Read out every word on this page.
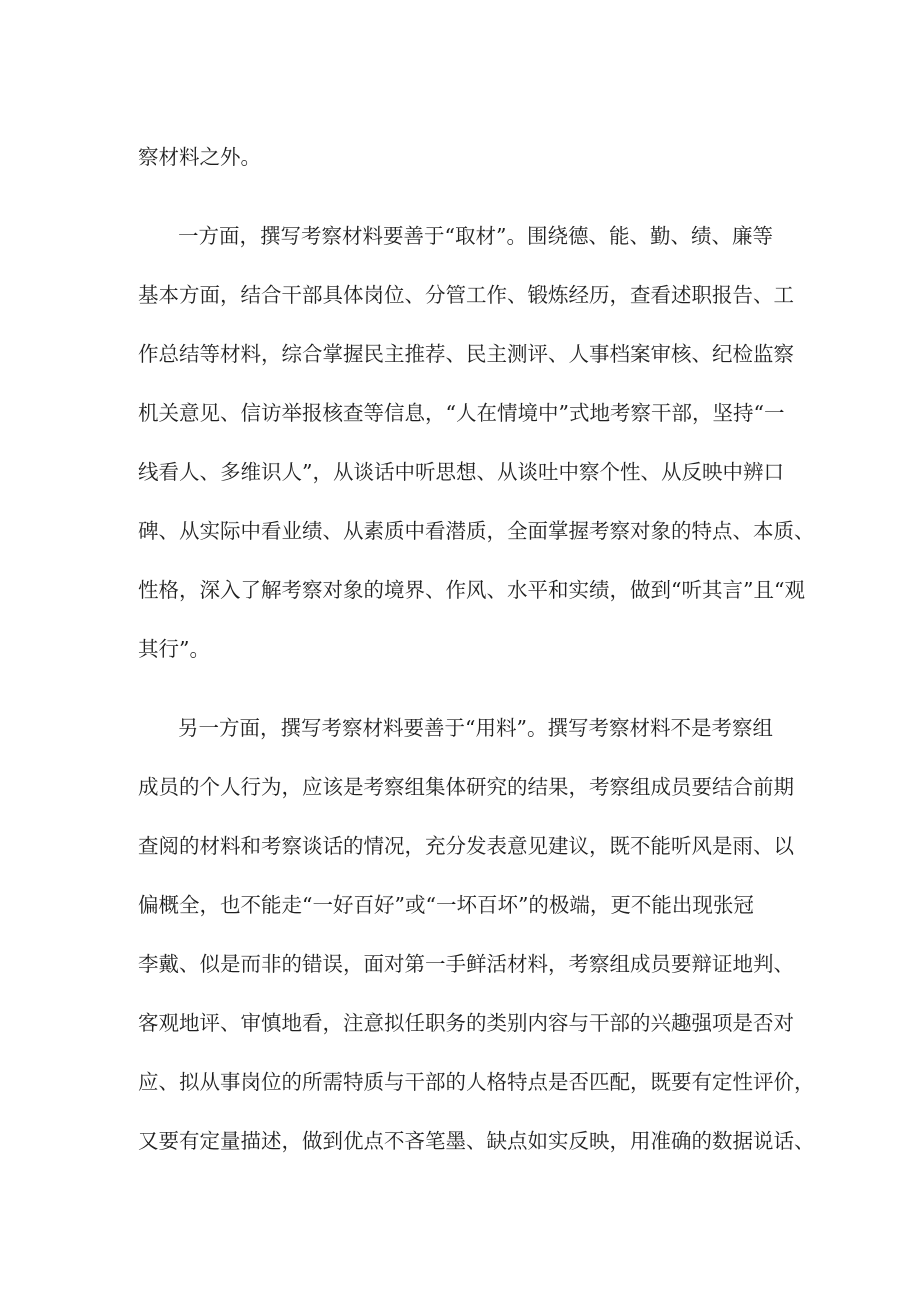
察材料之外。
一方面，撰写考察材料要善于“取材”。围绕德、能、勤、绩、廉等
基本方面，结合干部具体岗位、分管工作、锻炼经历，查看述职报告、工
作总结等材料，综合掌握民主推荐、民主测评、人事档案审核、纪检监察
机关意见、信访举报核查等信息，“人在情境中”式地考察干部，坚持“一
线看人、多维识人”，从谈话中听思想、从谈吐中察个性、从反映中辨口
碑、从实际中看业绩、从素质中看潜质，全面掌握考察对象的特点、本质、
性格，深入了解考察对象的境界、作风、水平和实绩，做到“听其言”且“观
其行”。
另一方面，撰写考察材料要善于“用料”。撰写考察材料不是考察组
成员的个人行为，应该是考察组集体研究的结果，考察组成员要结合前期
查阅的材料和考察谈话的情况，充分发表意见建议，既不能听风是雨、以
偏概全，也不能走“一好百好”或“一坏百坏”的极端，更不能出现张冠
李戴、似是而非的错误，面对第一手鲜活材料，考察组成员要辩证地判、
客观地评、审慎地看，注意拟任职务的类别内容与干部的兴趣强项是否对
应、拟从事岗位的所需特质与干部的人格特点是否匹配，既要有定性评价，
又要有定量描述，做到优点不吝笔墨、缺点如实反映，用准确的数据说话、
